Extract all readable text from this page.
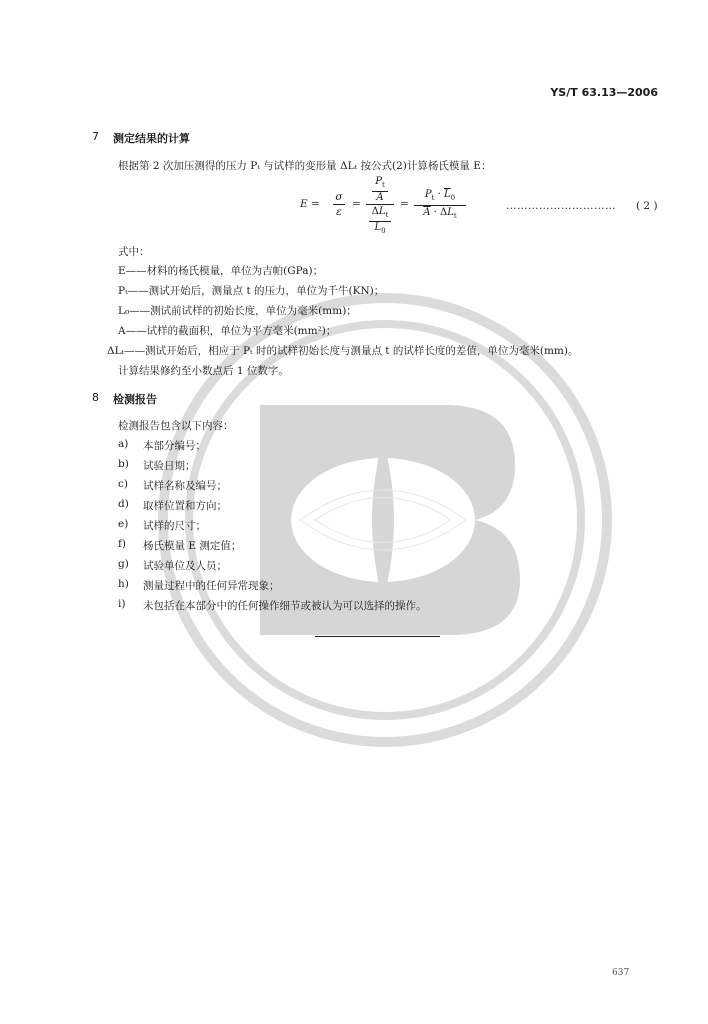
YS/T 63.13—2006
7 测定结果的计算
根据第 2 次加压测得的压力 Pₜ 与试样的变形量 ΔLₜ 按公式(2)计算杨氏模量 E：
E =
σ

ε
=
$P_t$

$\overline{A}$

$\Delta L_t$

$\overline{L}_0$
=
$P_t \cdot \overline{L}_0$

$\overline{A} \cdot \Delta L_t$
………………………… ( 2 )
式中：
E——材料的杨氏模量，单位为吉帕(GPa)；
Pₜ——测试开始后，测量点 t 的压力，单位为千牛(KN)；
L₀——测试前试样的初始长度，单位为毫米(mm)；
A——试样的截面积，单位为平方毫米(mm²)；
ΔLₜ——测试开始后，相应于 Pₜ 时的试样初始长度与测量点 t 的试样长度的差值，单位为毫米(mm)。
计算结果修约至小数点后 1 位数字。
8 检测报告
检测报告包含以下内容：
a) 本部分编号；
b) 试验日期；
c) 试样名称及编号；
d) 取样位置和方向；
e) 试样的尺寸；
f) 杨氏模量 E 测定值；
g) 试验单位及人员；
h) 测量过程中的任何异常现象；
i) 未包括在本部分中的任何操作细节或被认为可以选择的操作。
637
